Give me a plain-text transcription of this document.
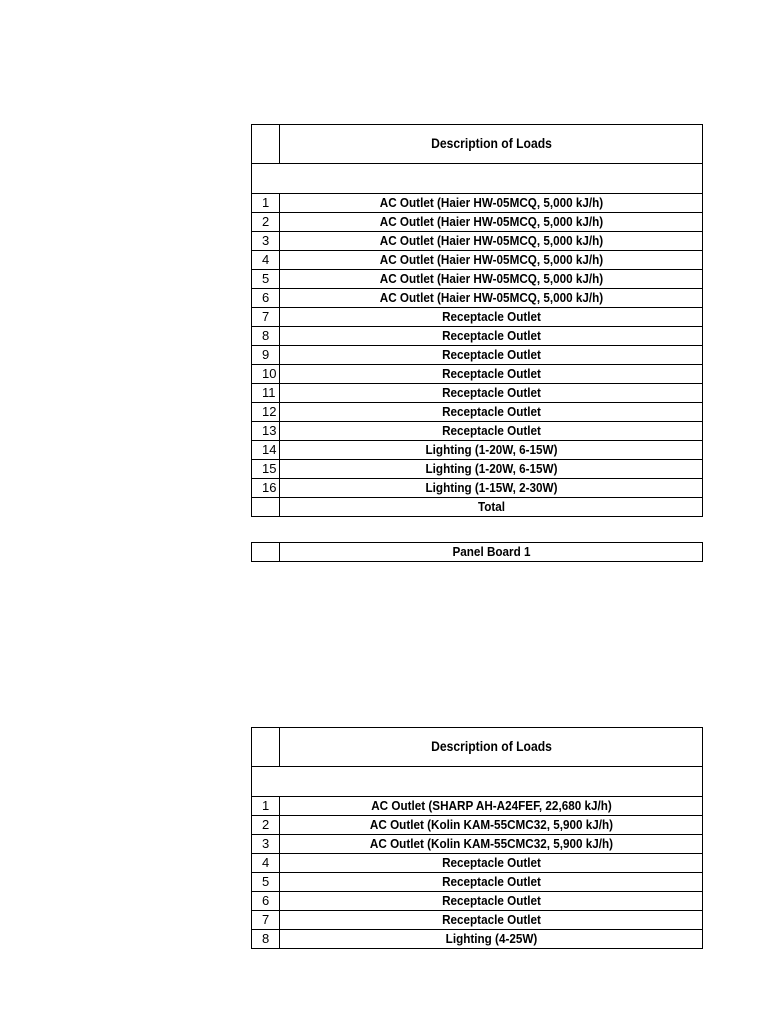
	Description of Loads

1	AC Outlet (Haier HW-05MCQ, 5,000 kJ/h)
2	AC Outlet (Haier HW-05MCQ, 5,000 kJ/h)
3	AC Outlet (Haier HW-05MCQ, 5,000 kJ/h)
4	AC Outlet (Haier HW-05MCQ, 5,000 kJ/h)
5	AC Outlet (Haier HW-05MCQ, 5,000 kJ/h)
6	AC Outlet (Haier HW-05MCQ, 5,000 kJ/h)
7	Receptacle Outlet
8	Receptacle Outlet
9	Receptacle Outlet
10	Receptacle Outlet
11	Receptacle Outlet
12	Receptacle Outlet
13	Receptacle Outlet
14	Lighting (1-20W, 6-15W)
15	Lighting (1-20W, 6-15W)
16	Lighting (1-15W, 2-30W)
	Total
	Panel Board 1
	Description of Loads

1	AC Outlet (SHARP AH-A24FEF, 22,680 kJ/h)
2	AC Outlet (Kolin KAM-55CMC32, 5,900 kJ/h)
3	AC Outlet (Kolin KAM-55CMC32, 5,900 kJ/h)
4	Receptacle Outlet
5	Receptacle Outlet
6	Receptacle Outlet
7	Receptacle Outlet
8	Lighting (4-25W)
